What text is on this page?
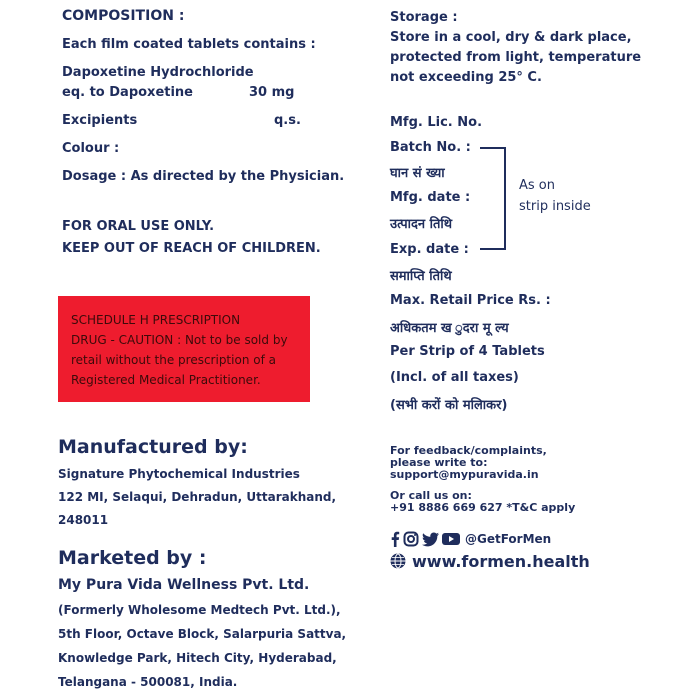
COMPOSITION :
Each film coated tablets contains :
Dapoxetine Hydrochloride
eq. to Dapoxetine	30 mg
Excipients	q.s.
Colour :
Dosage : As directed by the Physician.
FOR ORAL USE ONLY.
KEEP OUT OF REACH OF CHILDREN.
SCHEDULE H PRESCRIPTION
DRUG - CAUTION : Not to be sold by
retail without the prescription of a
Registered Medical Practitioner.
Manufactured by:
Signature Phytochemical Industries
122 MI, Selaqui, Dehradun, Uttarakhand,
248011
Marketed by :
My Pura Vida Wellness Pvt. Ltd.
(Formerly Wholesome Medtech Pvt. Ltd.),
5th Floor, Octave Block, Salarpuria Sattva,
Knowledge Park, Hitech City, Hyderabad,
Telangana - 500081, India.
Storage :
Store in a cool, dry & dark place,
protected from light, temperature
not exceeding 25° C.
Mfg. Lic. No.
Batch No. :
घान सं ख्या
Mfg. date :
उत्पादन तिथि
Exp. date :
समाप्ति तिथि
As on
strip inside
Max. Retail Price Rs. :
अधिकतम ख ुदरा मू ल्य
Per Strip of 4 Tablets
(Incl. of all taxes)
(सभी करों को मलिाकर)
For feedback/complaints,
please write to:
support@mypuravida.in
Or call us on:
+91 8886 669 627 *T&C apply
@GetForMen
www.formen.health
